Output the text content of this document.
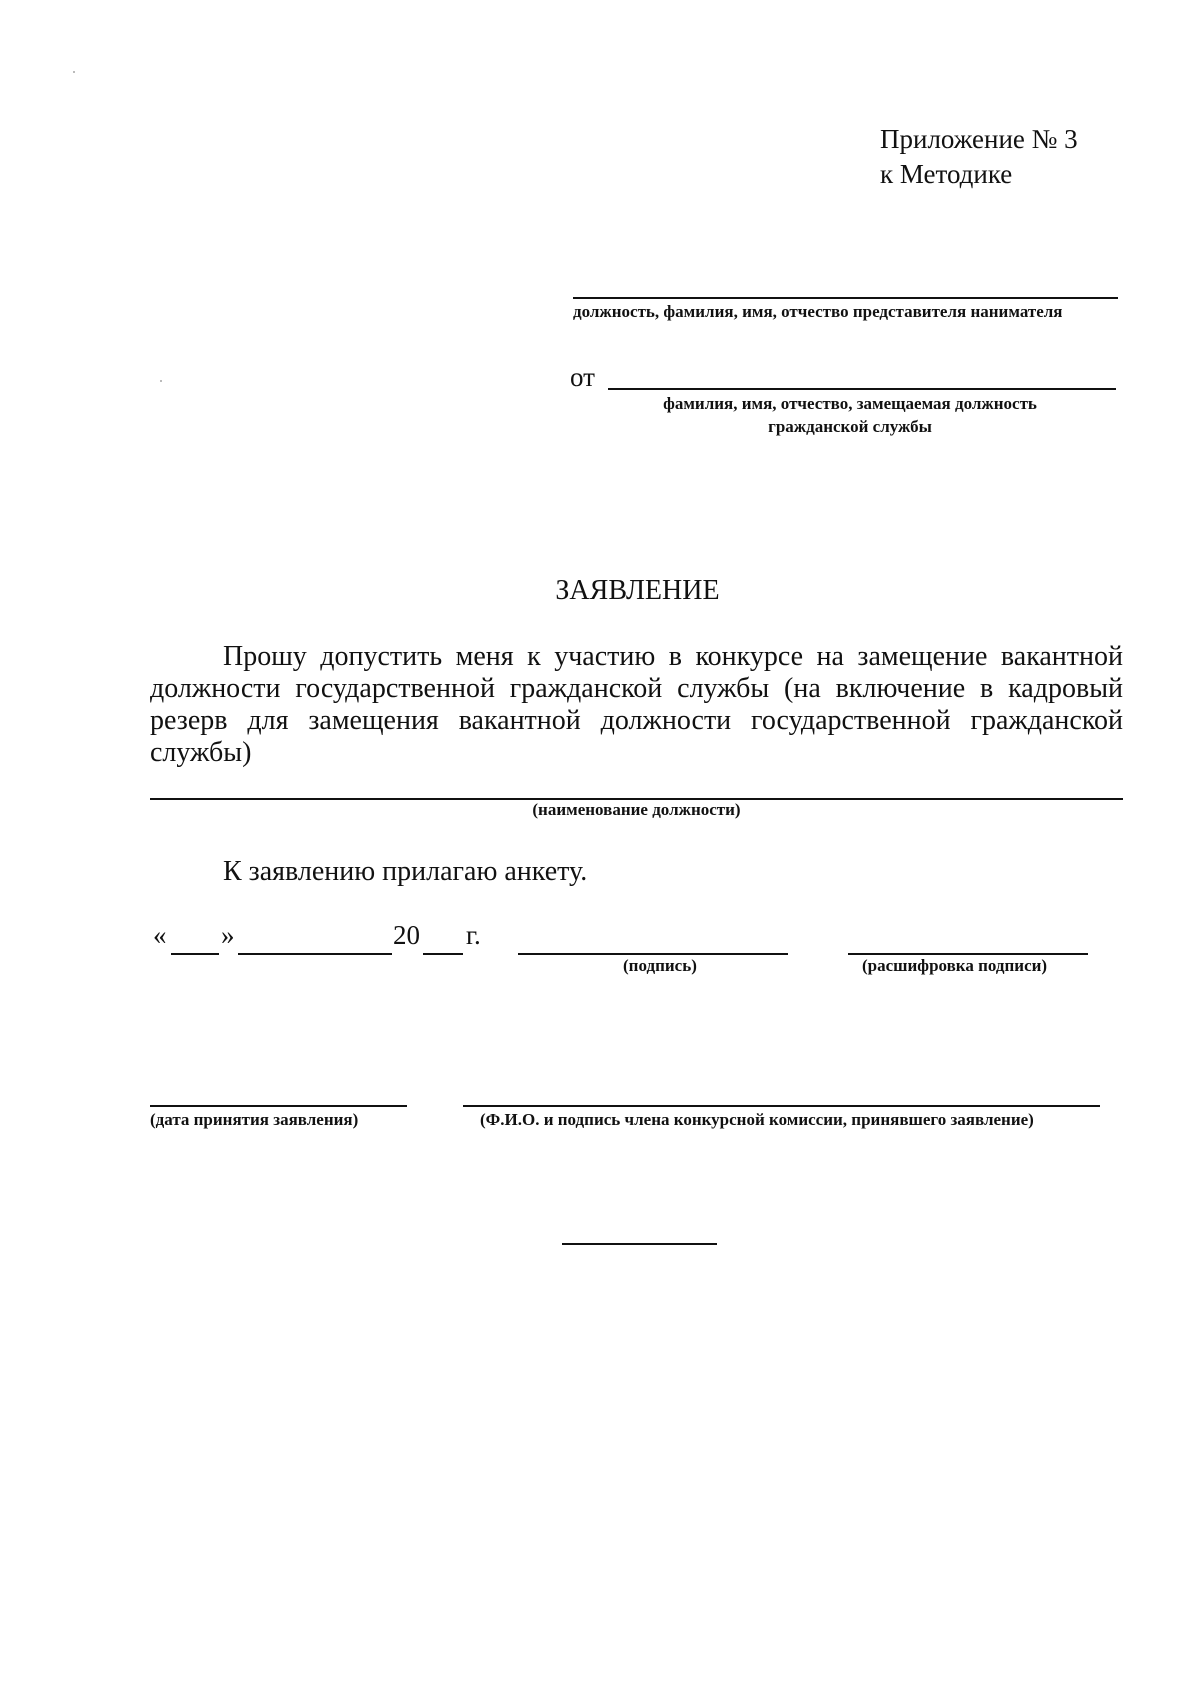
Приложение № 3
к Методике
должность, фамилия, имя, отчество представителя нанимателя
от
фамилия, имя, отчество, замещаемая должность
гражданской службы
ЗАЯВЛЕНИЕ
Прошу допустить меня к участию в конкурсе на замещение вакантной должности государственной гражданской службы (на включение в кадровый резерв для замещения вакантной должности государственной гражданской службы)
(наименование должности)
К заявлению прилагаю анкету.
« »	20 г.
(подпись)	(расшифровка подписи)
(дата принятия заявления)	(Ф.И.О. и подпись члена конкурсной комиссии, принявшего заявление)
